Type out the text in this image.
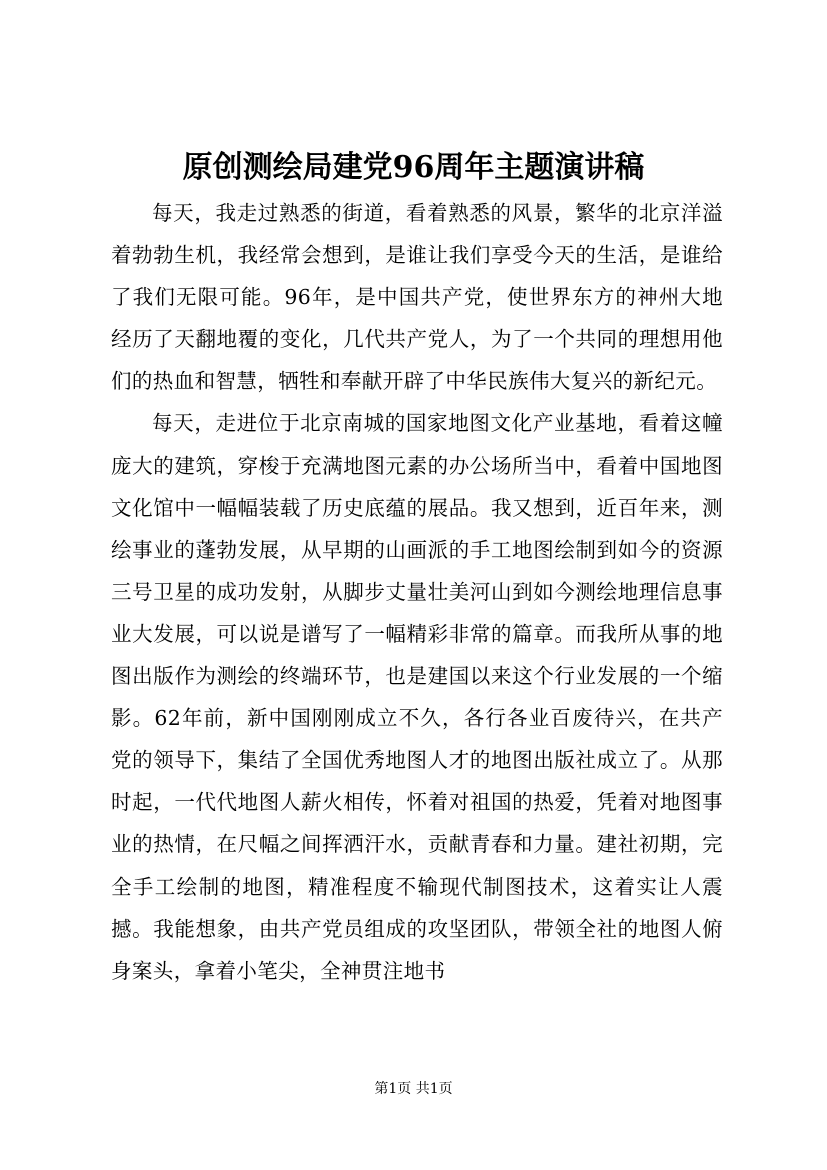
原创测绘局建党96周年主题演讲稿

每天，我走过熟悉的街道，看着熟悉的风景，繁华的北京洋溢着勃勃生机，我经常会想到，是谁让我们享受今天的生活，是谁给了我们无限可能。96年，是中国共产党，使世界东方的神州大地经历了天翻地覆的变化，几代共产党人，为了一个共同的理想用他们的热血和智慧，牺牲和奉献开辟了中华民族伟大复兴的新纪元。

每天，走进位于北京南城的国家地图文化产业基地，看着这幢庞大的建筑，穿梭于充满地图元素的办公场所当中，看着中国地图文化馆中一幅幅装载了历史底蕴的展品。我又想到，近百年来，测绘事业的蓬勃发展，从早期的山画派的手工地图绘制到如今的资源三号卫星的成功发射，从脚步丈量壮美河山到如今测绘地理信息事业大发展，可以说是谱写了一幅精彩非常的篇章。而我所从事的地图出版作为测绘的终端环节，也是建国以来这个行业发展的一个缩影。62年前，新中国刚刚成立不久，各行各业百废待兴，在共产党的领导下，集结了全国优秀地图人才的地图出版社成立了。从那时起，一代代地图人薪火相传，怀着对祖国的热爱，凭着对地图事业的热情，在尺幅之间挥洒汗水，贡献青春和力量。建社初期，完全手工绘制的地图，精准程度不输现代制图技术，这着实让人震撼。我能想象，由共产党员组成的攻坚团队，带领全社的地图人俯身案头，拿着小笔尖，全神贯注地书

第1页 共1页
